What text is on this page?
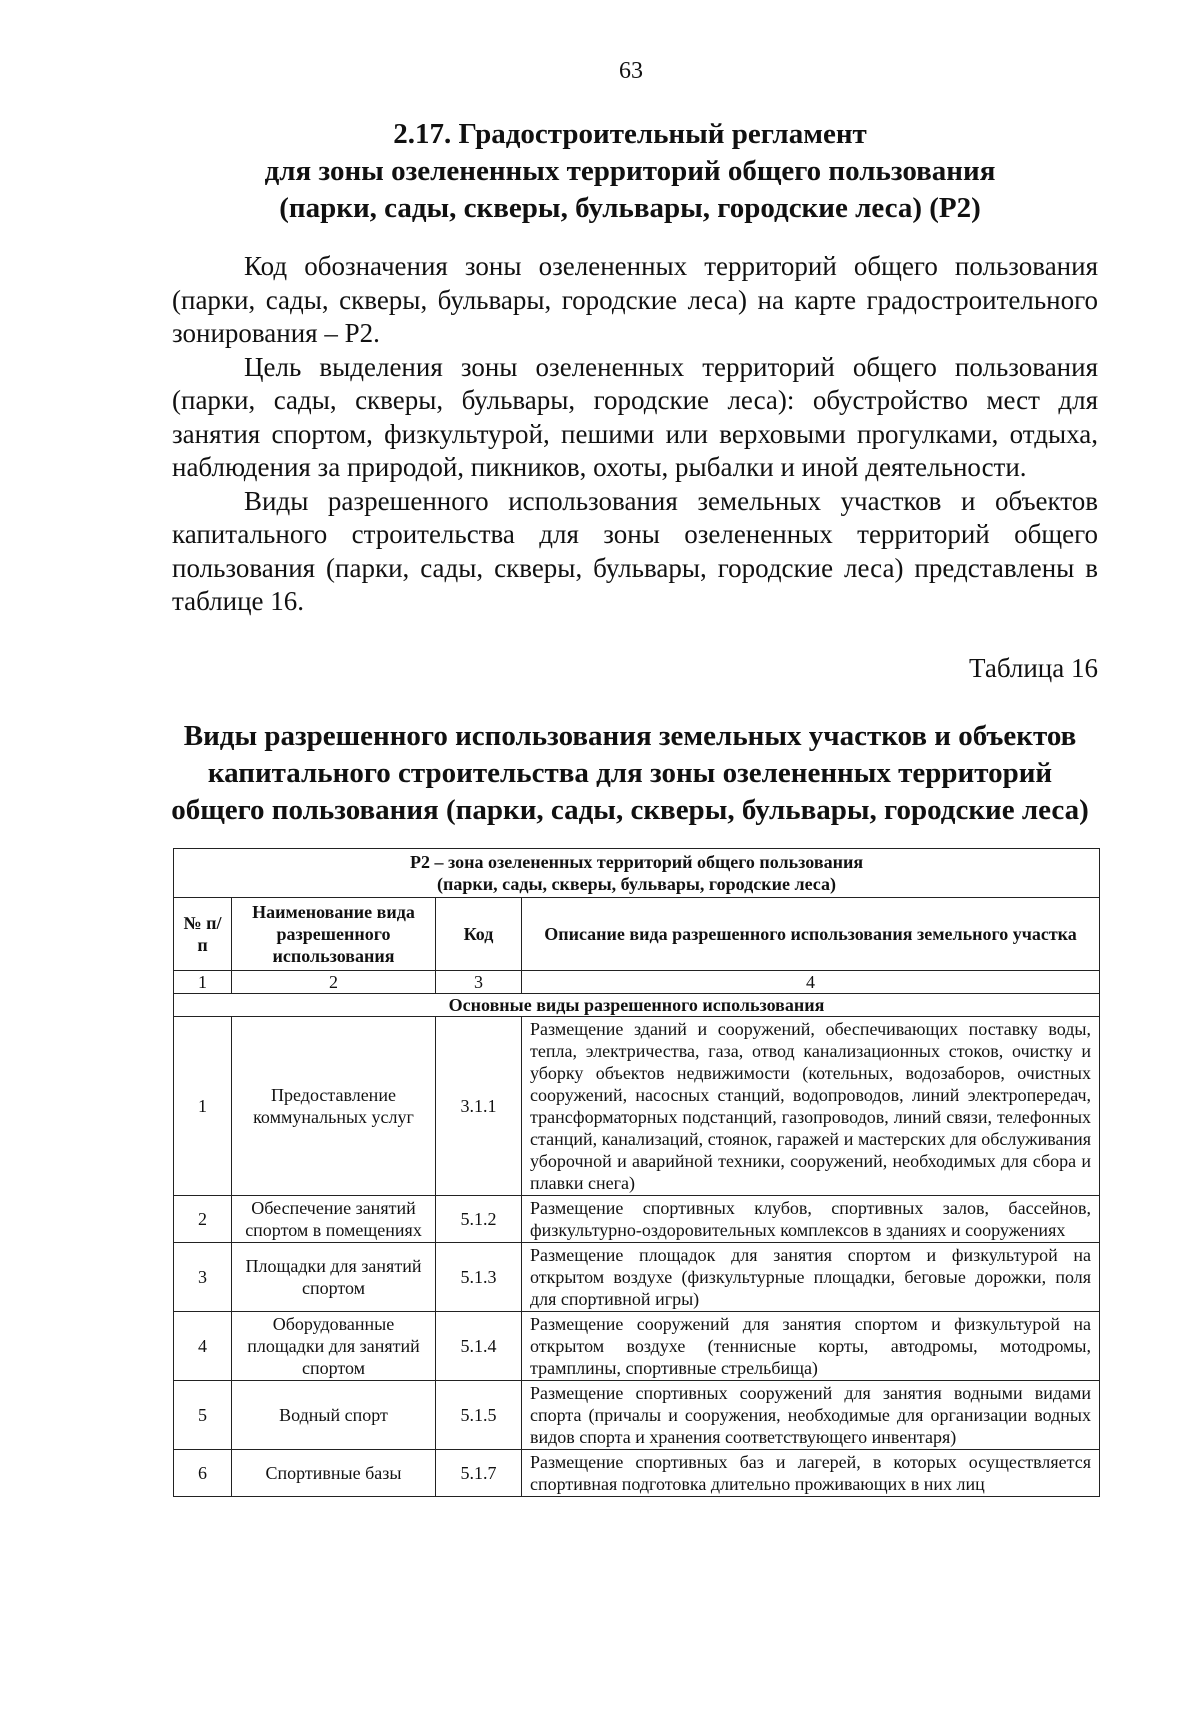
63
2.17. Градостроительный регламент
для зоны озелененных территорий общего пользования
(парки, сады, скверы, бульвары, городские леса) (Р2)

Код обозначения зоны озелененных территорий общего пользования (парки, сады, скверы, бульвары, городские леса) на карте градостроительного зонирования – Р2.

Цель выделения зоны озелененных территорий общего пользования (парки, сады, скверы, бульвары, городские леса): обустройство мест для занятия спортом, физкультурой, пешими или верховыми прогулками, отдыха, наблюдения за природой, пикников, охоты, рыбалки и иной деятельности.

Виды разрешенного использования земельных участков и объектов капитального строительства для зоны озелененных территорий общего пользования (парки, сады, скверы, бульвары, городские леса) представлены в таблице 16.

Таблица 16
Виды разрешенного использования земельных участков и объектов
капитального строительства для зоны озелененных территорий
общего пользования (парки, сады, скверы, бульвары, городские леса)
Р2 – зона озелененных территорий общего пользования
(парки, сады, скверы, бульвары, городские леса)			

№ п/п	Наименование вида разрешенного использования	Код	Описание вида разрешенного использования земельного участка
1	2	3	4
Основные виды разрешенного использования			
1	Предоставление коммунальных услуг	3.1.1	Размещение зданий и сооружений, обеспечивающих поставку воды, тепла, электричества, газа, отвод канализационных стоков, очистку и уборку объектов недвижимости (котельных, водозаборов, очистных сооружений, насосных станций, водопроводов, линий электропередач, трансформаторных подстанций, газопроводов, линий связи, телефонных станций, канализаций, стоянок, гаражей и мастерских для обслуживания уборочной и аварийной техники, сооружений, необходимых для сбора и плавки снега)
2	Обеспечение занятий спортом в помещениях	5.1.2	Размещение спортивных клубов, спортивных залов, бассейнов, физкультурно-оздоровительных комплексов в зданиях и сооружениях
3	Площадки для занятий спортом	5.1.3	Размещение площадок для занятия спортом и физкультурой на открытом воздухе (физкультурные площадки, беговые дорожки, поля для спортивной игры)
4	Оборудованные площадки для занятий спортом	5.1.4	Размещение сооружений для занятия спортом и физкультурой на открытом воздухе (теннисные корты, автодромы, мотодромы, трамплины, спортивные стрельбища)
5	Водный спорт	5.1.5	Размещение спортивных сооружений для занятия водными видами спорта (причалы и сооружения, необходимые для организации водных видов спорта и хранения соответствующего инвентаря)
6	Спортивные базы	5.1.7	Размещение спортивных баз и лагерей, в которых осуществляется спортивная подготовка длительно проживающих в них лиц
